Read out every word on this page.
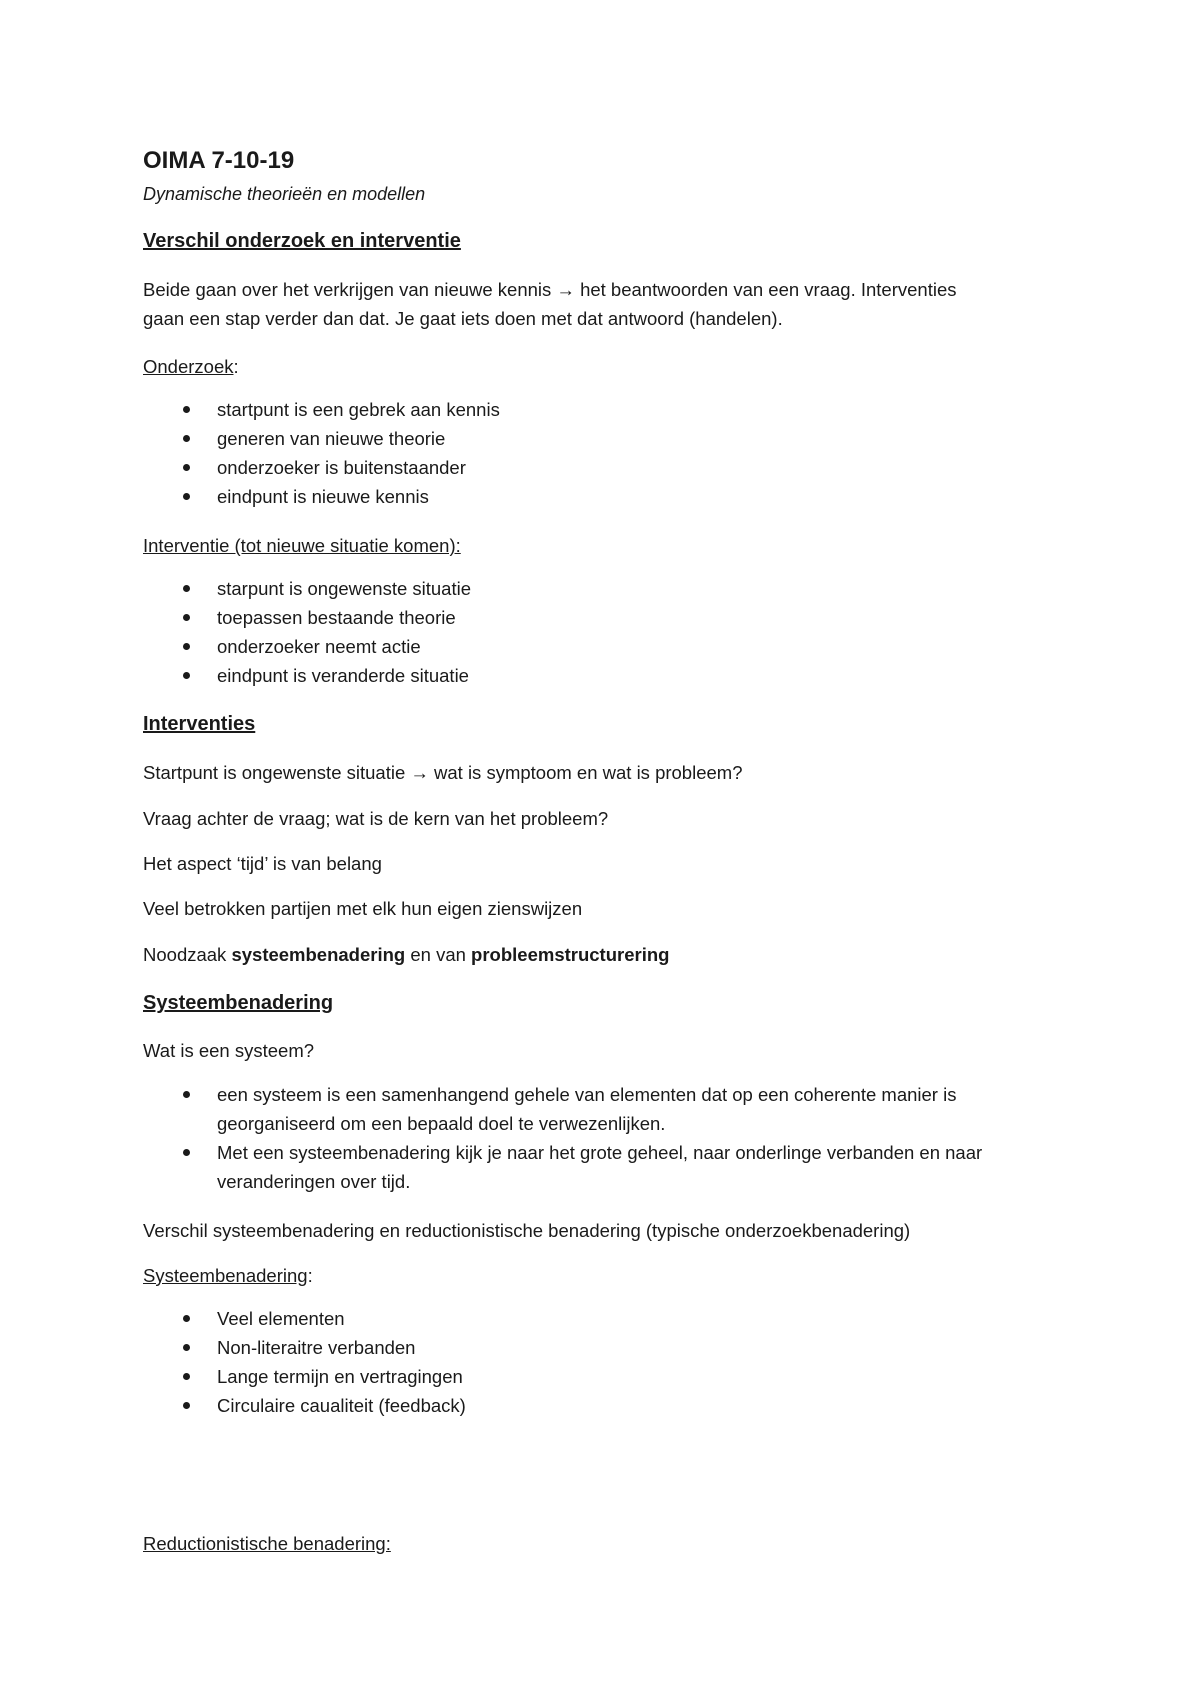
OIMA 7-10-19

Dynamische theorieën en modellen

Verschil onderzoek en interventie

Beide gaan over het verkrijgen van nieuwe kennis → het beantwoorden van een vraag. Interventies
gaan een stap verder dan dat. Je gaat iets doen met dat antwoord (handelen).

Onderzoek:

startpunt is een gebrek aan kennis
generen van nieuwe theorie
onderzoeker is buitenstaander
eindpunt is nieuwe kennis

Interventie (tot nieuwe situatie komen):

starpunt is ongewenste situatie
toepassen bestaande theorie
onderzoeker neemt actie
eindpunt is veranderde situatie
Interventies

Startpunt is ongewenste situatie → wat is symptoom en wat is probleem?

Vraag achter de vraag; wat is de kern van het probleem?

Het aspect ‘tijd’ is van belang

Veel betrokken partijen met elk hun eigen zienswijzen

Noodzaak systeembenadering en van probleemstructurering

Systeembenadering

Wat is een systeem?

een systeem is een samenhangend gehele van elementen dat op een coherente manier is
georganiseerd om een bepaald doel te verwezenlijken.
Met een systeembenadering kijk je naar het grote geheel, naar onderlinge verbanden en naar
veranderingen over tijd.

Verschil systeembenadering en reductionistische benadering (typische onderzoekbenadering)

Systeembenadering:

Veel elementen
Non-literaitre verbanden
Lange termijn en vertragingen
Circulaire caualiteit (feedback)

Reductionistische benadering:
